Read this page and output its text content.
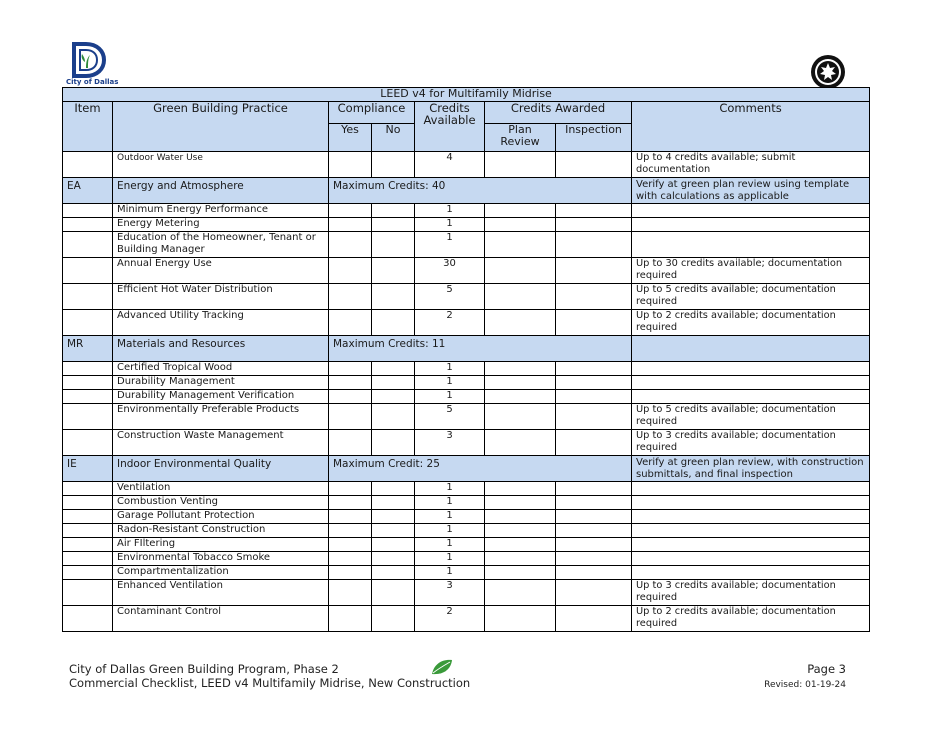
City of Dallas
LEED v4 for Multifamily Midrise							
Item	Green Building Practice	Compliance		Credits Available	Credits Awarded		Comments
		Yes	No		Plan Review	Inspection	
	Outdoor Water Use			4			Up to 4 credits available; submit documentation
EA	Energy and Atmosphere	Maximum Credits: 40					Verify at green plan review using template with calculations as applicable
	Minimum Energy Performance			1			
	Energy Metering			1			
	Education of the Homeowner, Tenant or Building Manager			1			
	Annual Energy Use			30			Up to 30 credits available; documentation required
	Efficient Hot Water Distribution			5			Up to 5 credits available; documentation required
	Advanced Utility Tracking			2			Up to 2 credits available; documentation required
MR	Materials and Resources	Maximum Credits: 11					
	Certified Tropical Wood			1			
	Durability Management			1			
	Durability Management Verification			1			
	Environmentally Preferable Products			5			Up to 5 credits available; documentation required
	Construction Waste Management			3			Up to 3 credits available; documentation required
IE	Indoor Environmental Quality	Maximum Credit: 25					Verify at green plan review, with construction submittals, and final inspection
	Ventilation			1			
	Combustion Venting			1			
	Garage Pollutant Protection			1			
	Radon-Resistant Construction			1			
	Air FIltering			1			
	Environmental Tobacco Smoke			1			
	Compartmentalization			1			
	Enhanced Ventilation			3			Up to 3 credits available; documentation required
	Contaminant Control			2			Up to 2 credits available; documentation required
City of Dallas Green Building Program, Phase 2
Commercial Checklist, LEED v4 Multifamily Midrise, New Construction
Page 3
Revised: 01-19-24
